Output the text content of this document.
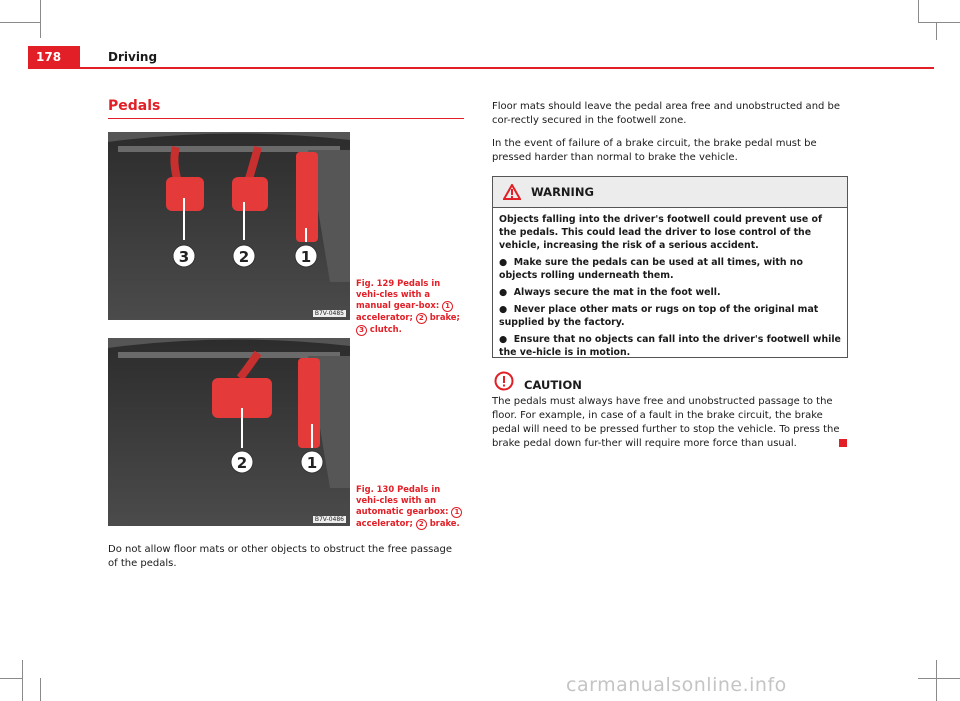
178	Driving
Pedals
3	2	1
B7V-0485
Fig. 129 Pedals in vehi-cles with a manual gear-box: 1 accelerator; 2 brake; 3 clutch.
2	1
B7V-0486
Fig. 130 Pedals in vehi-cles with an automatic gearbox: 1 accelerator; 2 brake.
Do not allow floor mats or other objects to obstruct the free passage of the pedals.
Floor mats should leave the pedal area free and unobstructed and be cor-rectly secured in the footwell zone.
In the event of failure of a brake circuit, the brake pedal must be pressed harder than normal to brake the vehicle.
WARNING

Objects falling into the driver's footwell could prevent use of the pedals. This could lead the driver to lose control of the vehicle, increasing the risk of a serious accident.

●  Make sure the pedals can be used at all times, with no objects rolling underneath them.
●  Always secure the mat in the foot well.
●  Never place other mats or rugs on top of the original mat supplied by the factory.
●  Ensure that no objects can fall into the driver's footwell while the ve-hicle is in motion.
CAUTION
The pedals must always have free and unobstructed passage to the floor. For example, in case of a fault in the brake circuit, the brake pedal will need to be pressed further to stop the vehicle. To press the brake pedal down fur-ther will require more force than usual.
carmanualsonline.info
